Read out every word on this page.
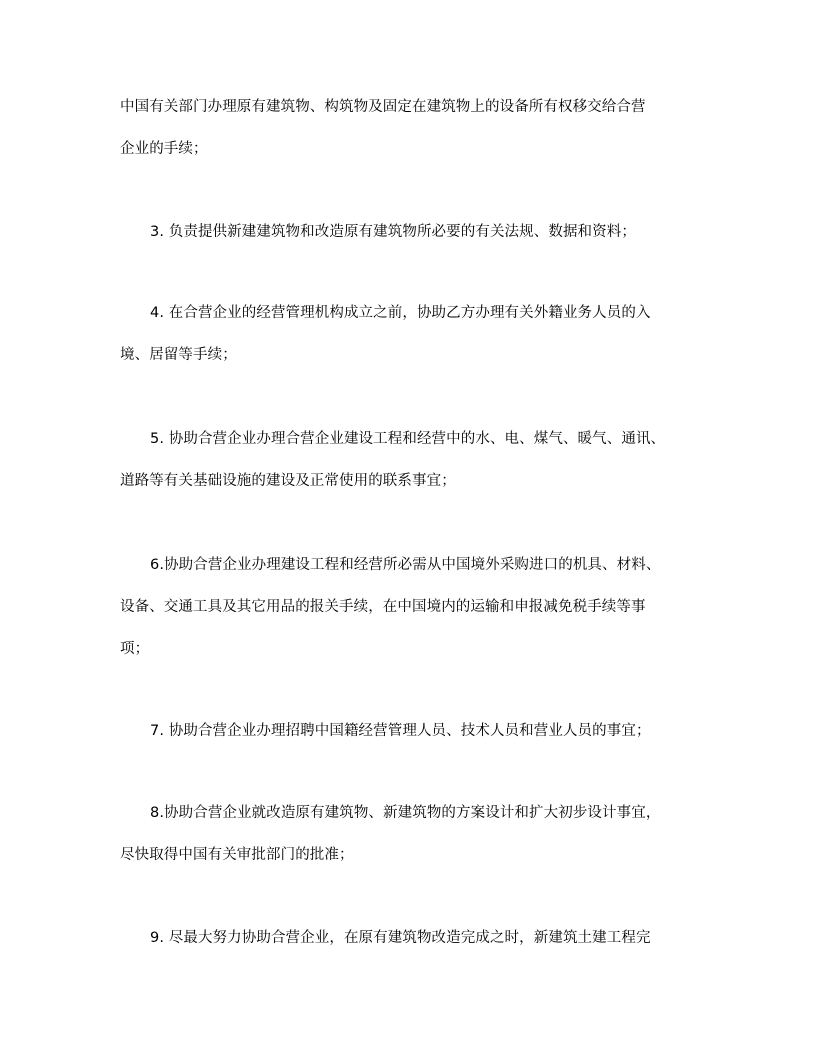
中国有关部门办理原有建筑物、构筑物及固定在建筑物上的设备所有权移交给合营
企业的手续；
3. 负责提供新建建筑物和改造原有建筑物所必要的有关法规、数据和资料；
4. 在合营企业的经营管理机构成立之前，协助乙方办理有关外籍业务人员的入
境、居留等手续；
5. 协助合营企业办理合营企业建设工程和经营中的水、电、煤气、暖气、通讯、
道路等有关基础设施的建设及正常使用的联系事宜；
6.协助合营企业办理建设工程和经营所必需从中国境外采购进口的机具、材料、
设备、交通工具及其它用品的报关手续，在中国境内的运输和申报减免税手续等事
项；
7. 协助合营企业办理招聘中国籍经营管理人员、技术人员和营业人员的事宜；
8.协助合营企业就改造原有建筑物、新建筑物的方案设计和扩大初步设计事宜，
尽快取得中国有关审批部门的批准；
9. 尽最大努力协助合营企业，在原有建筑物改造完成之时，新建筑土建工程完
